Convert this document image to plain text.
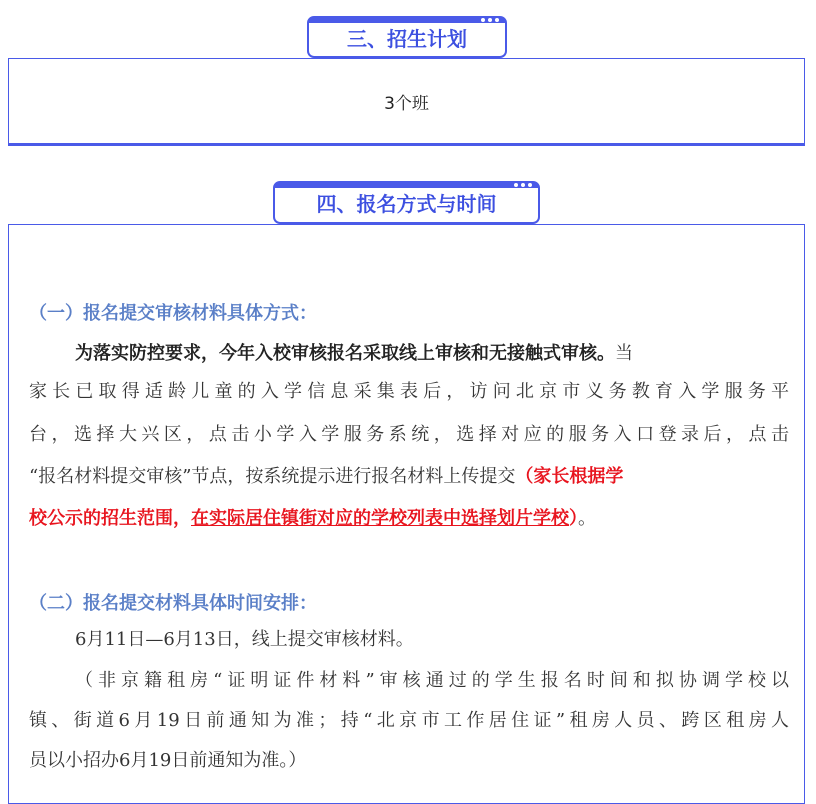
三、招生计划
3个班
四、报名方式与时间
（一）报名提交审核材料具体方式：
为落实防控要求，今年入校审核报名采取线上审核和无接触式审核。当
家长已取得适龄儿童的入学信息采集表后，访问北京市义务教育入学服务平
台，选择大兴区，点击小学入学服务系统，选择对应的服务入口登录后，点击
“报名材料提交审核”节点，按系统提示进行报名材料上传提交（家长根据学
校公示的招生范围，在实际居住镇街对应的学校列表中选择划片学校）。
（二）报名提交材料具体时间安排：
6月11日—6月13日，线上提交审核材料。
（非京籍租房“证明证件材料”审核通过的学生报名时间和拟协调学校以
镇、街道6月19日前通知为准；持“北京市工作居住证”租房人员、跨区租房人
员以小招办6月19日前通知为准。）
